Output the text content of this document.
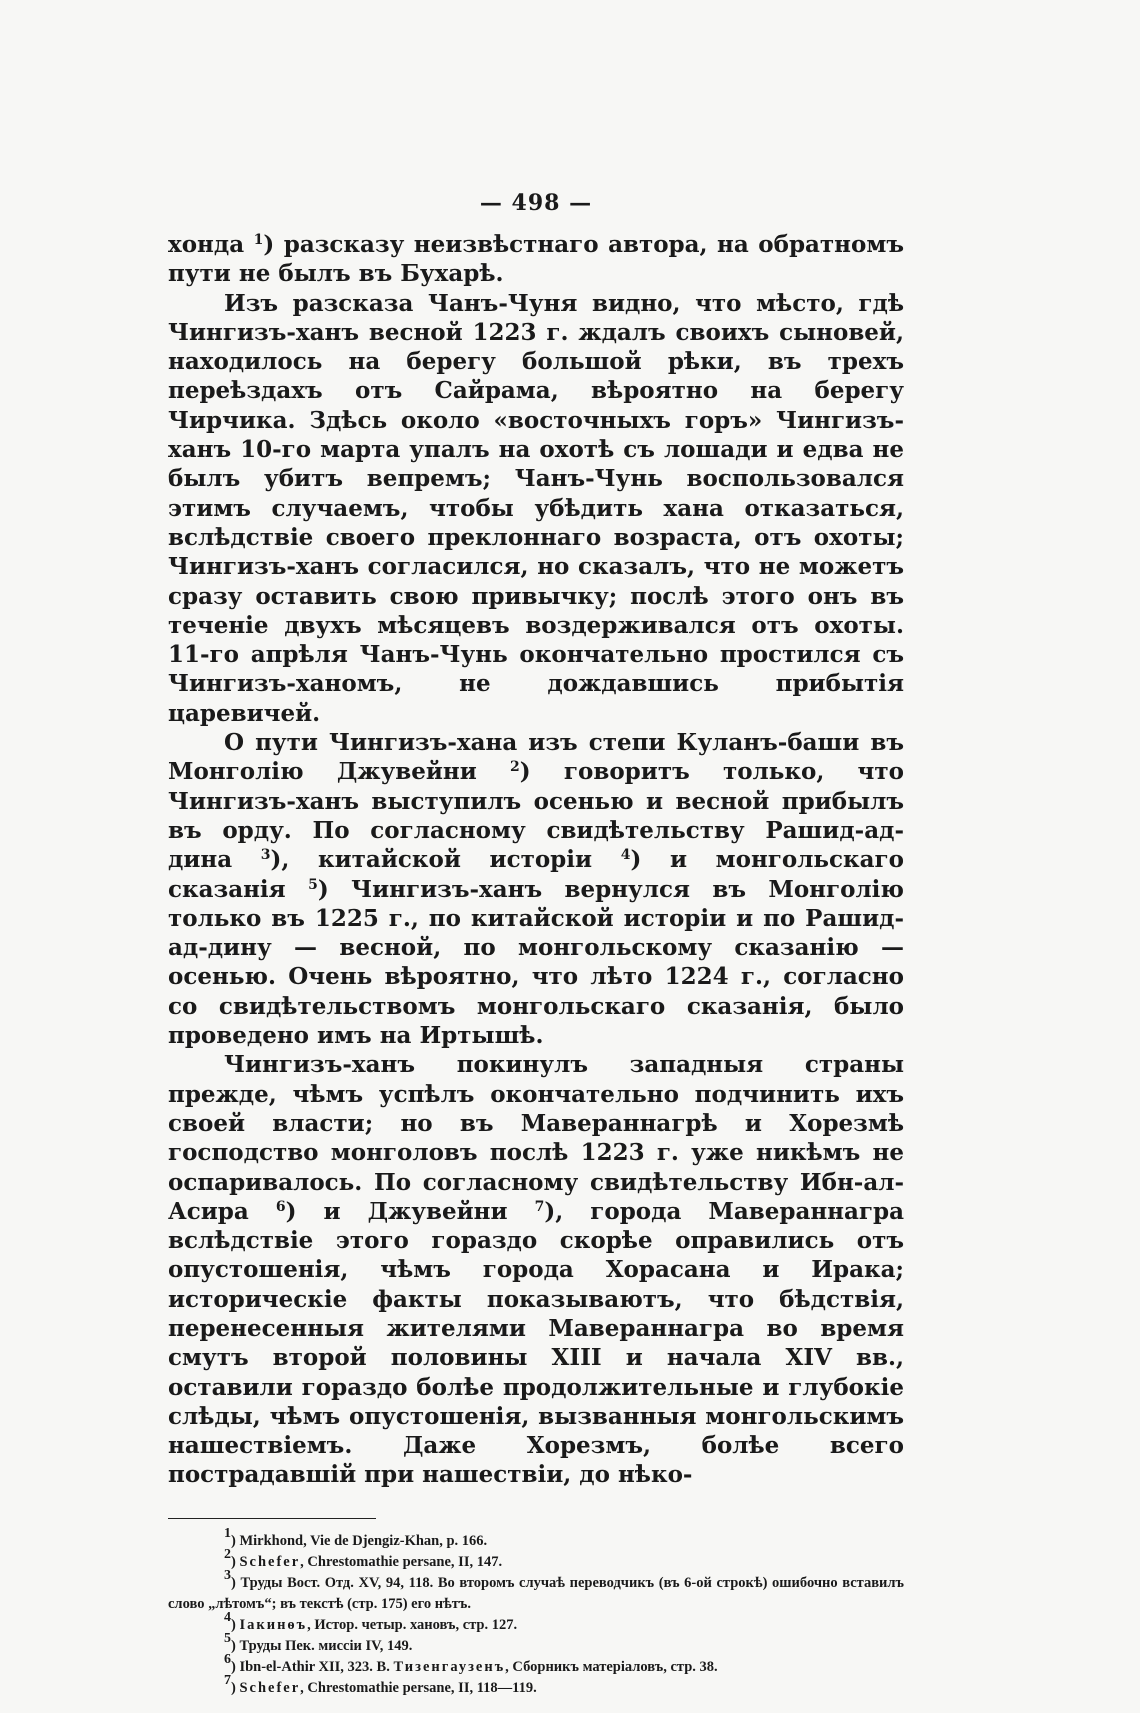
— 498 —

хонда $^1$) разсказу неизвѣстнаго автора, на обратномъ пути не былъ въ Бухарѣ.

Изъ разсказа Чанъ-Чуня видно, что мѣсто, гдѣ Чингизъ-ханъ весной 1223 г. ждалъ своихъ сыновей, находилось на берегу большой рѣки, въ трехъ переѣздахъ отъ Сайрама, вѣроятно на берегу Чирчика. Здѣсь около «восточныхъ горъ» Чингизъ-ханъ 10-го марта упалъ на охотѣ съ лошади и едва не былъ убитъ вепремъ; Чанъ-Чунь воспользовался этимъ случаемъ, чтобы убѣдить хана отказаться, вслѣдствіе своего преклоннаго возраста, отъ охоты; Чингизъ-ханъ согласился, но сказалъ, что не можетъ сразу оставить свою привычку; послѣ этого онъ въ теченіе двухъ мѣсяцевъ воздерживался отъ охоты. 11-го апрѣля Чанъ-Чунь окончательно простился съ Чингизъ-ханомъ, не дождавшись прибытія царевичей.

О пути Чингизъ-хана изъ степи Куланъ-баши въ Монголію Джувейни $^2$) говоритъ только, что Чингизъ-ханъ выступилъ осенью и весной прибылъ въ орду. По согласному свидѣтельству Рашид-ад-дина $^3$), китайской исторіи $^4$) и монгольскаго сказанія $^5$) Чингизъ-ханъ вернулся въ Монголію только въ 1225 г., по китайской исторіи и по Рашид-ад-дину — весной, по монгольскому сказанію — осенью. Очень вѣроятно, что лѣто 1224 г., согласно со свидѣтельствомъ монгольскаго сказанія, было проведено имъ на Иртышѣ.

Чингизъ-ханъ покинулъ западныя страны прежде, чѣмъ успѣлъ окончательно подчинить ихъ своей власти; но въ Мавераннагрѣ и Хорезмѣ господство монголовъ послѣ 1223 г. уже никѣмъ не оспаривалось. По согласному свидѣтельству Ибн-ал-Асира $^6$) и Джувейни $^7$), города Мавераннагра вслѣдствіе этого гораздо скорѣе оправились отъ опустошенія, чѣмъ города Хорасана и Ирака; историческіе факты показываютъ, что бѣдствія, перенесенныя жителями Мавераннагра во время смутъ второй половины XIII и начала XIV вв., оставили гораздо болѣе продолжительные и глубокіе слѣды, чѣмъ опустошенія, вызванныя монгольскимъ нашествіемъ. Даже Хорезмъ, болѣе всего пострадавшій при нашествіи, до нѣко-

$^1$) Mirkhond, Vie de Djengiz-Khan, p. 166.

$^2$) Schefer, Chrestomathie persane, II, 147.

$^3$) Труды Вост. Отд. XV, 94, 118. Во второмъ случаѣ переводчикъ (въ 6-ой строкѣ) ошибочно вставилъ слово „лѣтомъ“; въ текстѣ (стр. 175) его нѣтъ.

$^4$) Іакинѳъ, Истор. четыр. хановъ, стр. 127.

$^5$) Труды Пек. миссіи IV, 149.

$^6$) Ibn-el-Athir XII, 323. В. Тизенгаузенъ, Сборникъ матеріаловъ, стр. 38.

$^7$) Schefer, Chrestomathie persane, II, 118—119.
